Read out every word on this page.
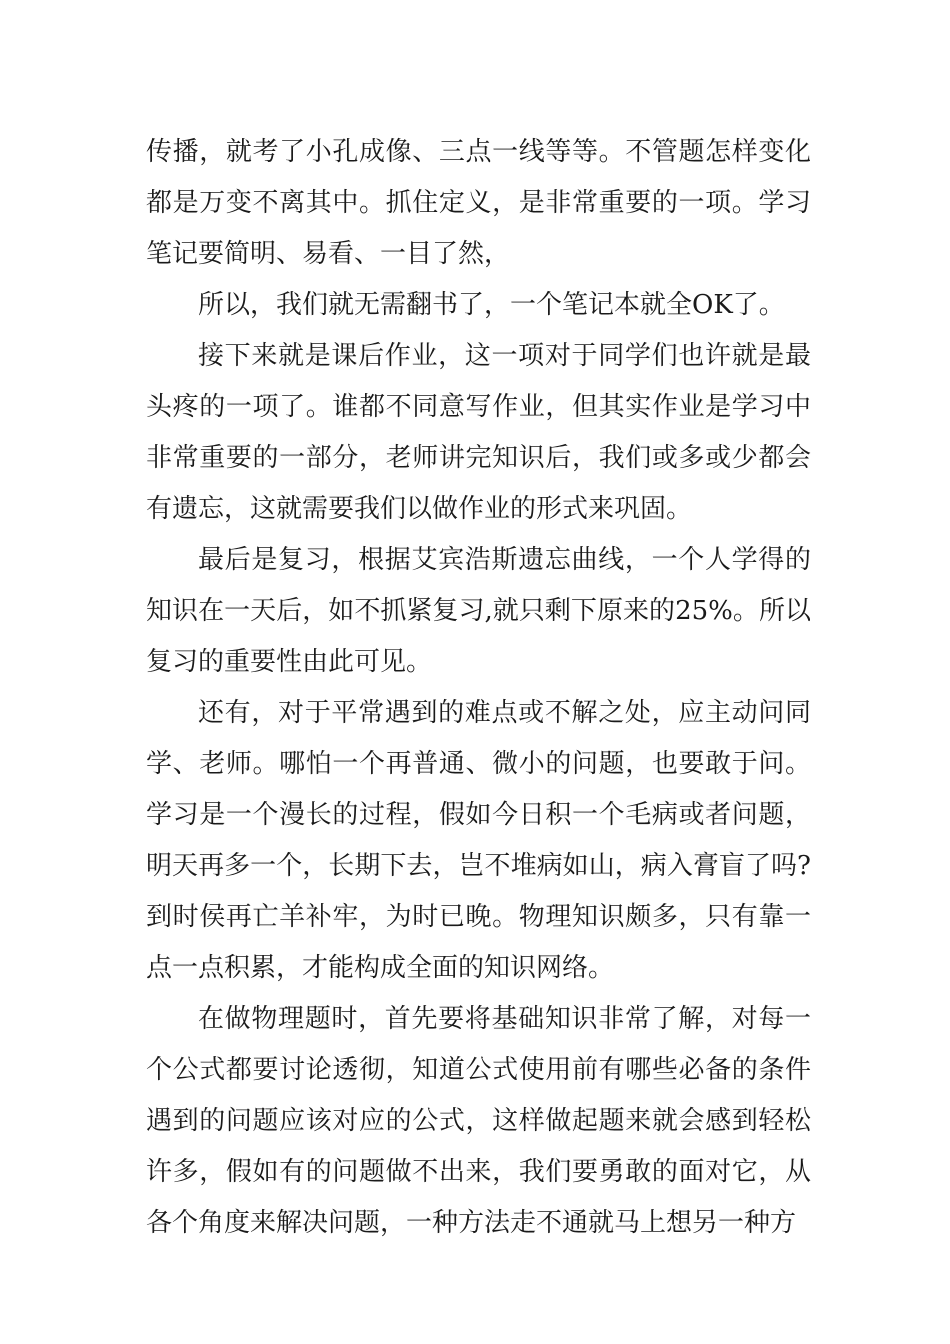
传播，就考了小孔成像、三点一线等等。不管题怎样变化都是万变不离其中。抓住定义，是非常重要的一项。学习笔记要简明、易看、一目了然，

所以，我们就无需翻书了，一个笔记本就全OK了。

接下来就是课后作业，这一项对于同学们也许就是最头疼的一项了。谁都不同意写作业，但其实作业是学习中非常重要的一部分，老师讲完知识后，我们或多或少都会有遗忘，这就需要我们以做作业的形式来巩固。

最后是复习，根据艾宾浩斯遗忘曲线，一个人学得的知识在一天后，如不抓紧复习,就只剩下原来的25%。所以复习的重要性由此可见。

还有，对于平常遇到的难点或不解之处，应主动问同学、老师。哪怕一个再普通、微小的问题，也要敢于问。学习是一个漫长的过程，假如今日积一个毛病或者问题，明天再多一个，长期下去，岂不堆病如山，病入膏盲了吗?到时侯再亡羊补牢，为时已晚。物理知识颇多，只有靠一点一点积累，才能构成全面的知识网络。

在做物理题时，首先要将基础知识非常了解，对每一个公式都要讨论透彻，知道公式使用前有哪些必备的条件遇到的问题应该对应的公式，这样做起题来就会感到轻松许多，假如有的问题做不出来，我们要勇敢的面对它，从各个角度来解决问题，一种方法走不通就马上想另一种方
